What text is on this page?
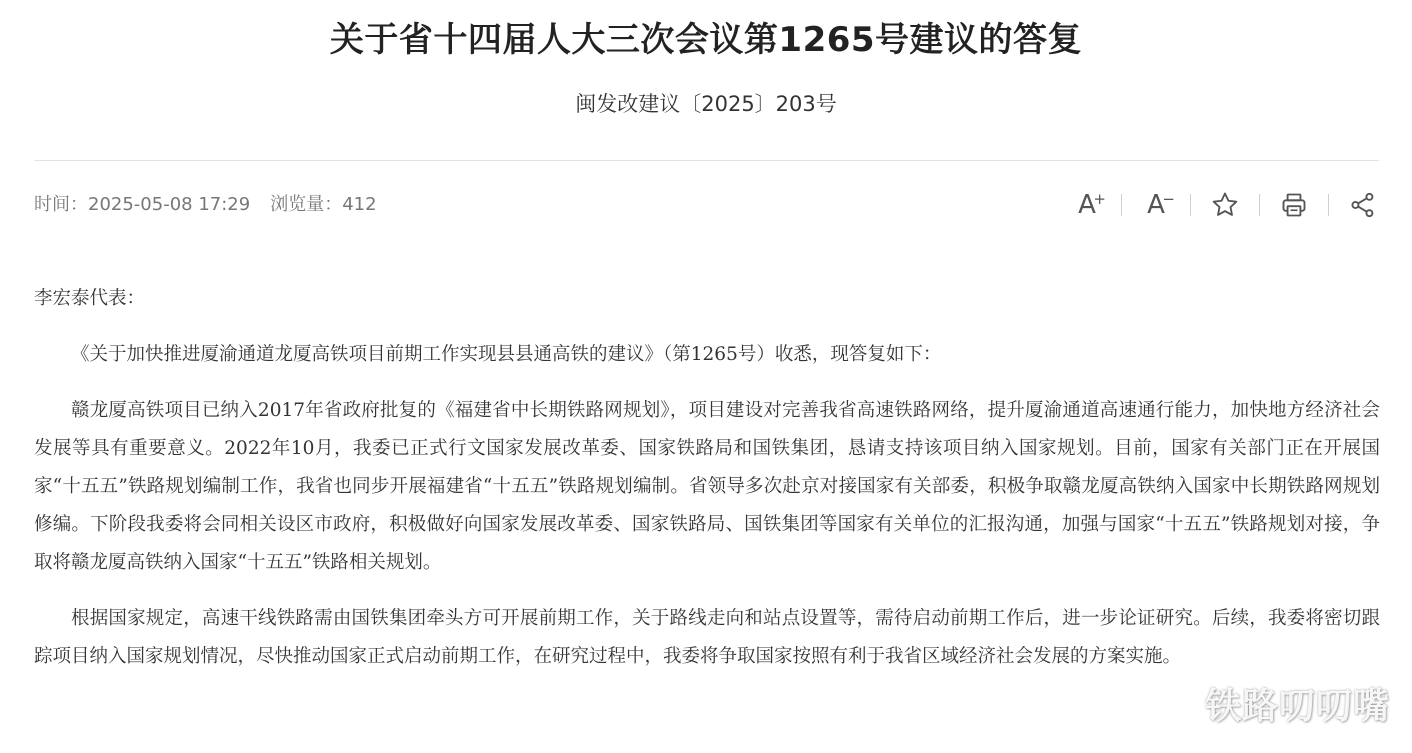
关于省十四届人大三次会议第1265号建议的答复
闽发改建议〔2025〕203号
时间：2025-05-08 17:29 浏览量：412	A
+ A
−

李宏泰代表：

《关于加快推进厦渝通道龙厦高铁项目前期工作实现县县通高铁的建议》（第1265号）收悉，现答复如下：

赣龙厦高铁项目已纳入2017年省政府批复的《福建省中长期铁路网规划》，项目建设对完善我省高速铁路网络，提升厦渝通道高速通行能力，加快地方经济社会发展等具有重要意义。2022年10月，我委已正式行文国家发展改革委、国家铁路局和国铁集团，恳请支持该项目纳入国家规划。目前，国家有关部门正在开展国家“十五五”铁路规划编制工作，我省也同步开展福建省“十五五”铁路规划编制。省领导多次赴京对接国家有关部委，积极争取赣龙厦高铁纳入国家中长期铁路网规划修编。下阶段我委将会同相关设区市政府，积极做好向国家发展改革委、国家铁路局、国铁集团等国家有关单位的汇报沟通，加强与国家“十五五”铁路规划对接，争取将赣龙厦高铁纳入国家“十五五”铁路相关规划。

根据国家规定，高速干线铁路需由国铁集团牵头方可开展前期工作，关于路线走向和站点设置等，需待启动前期工作后，进一步论证研究。后续，我委将密切跟踪项目纳入国家规划情况，尽快推动国家正式启动前期工作，在研究过程中，我委将争取国家按照有利于我省区域经济社会发展的方案实施。

铁路叨叨嘴
